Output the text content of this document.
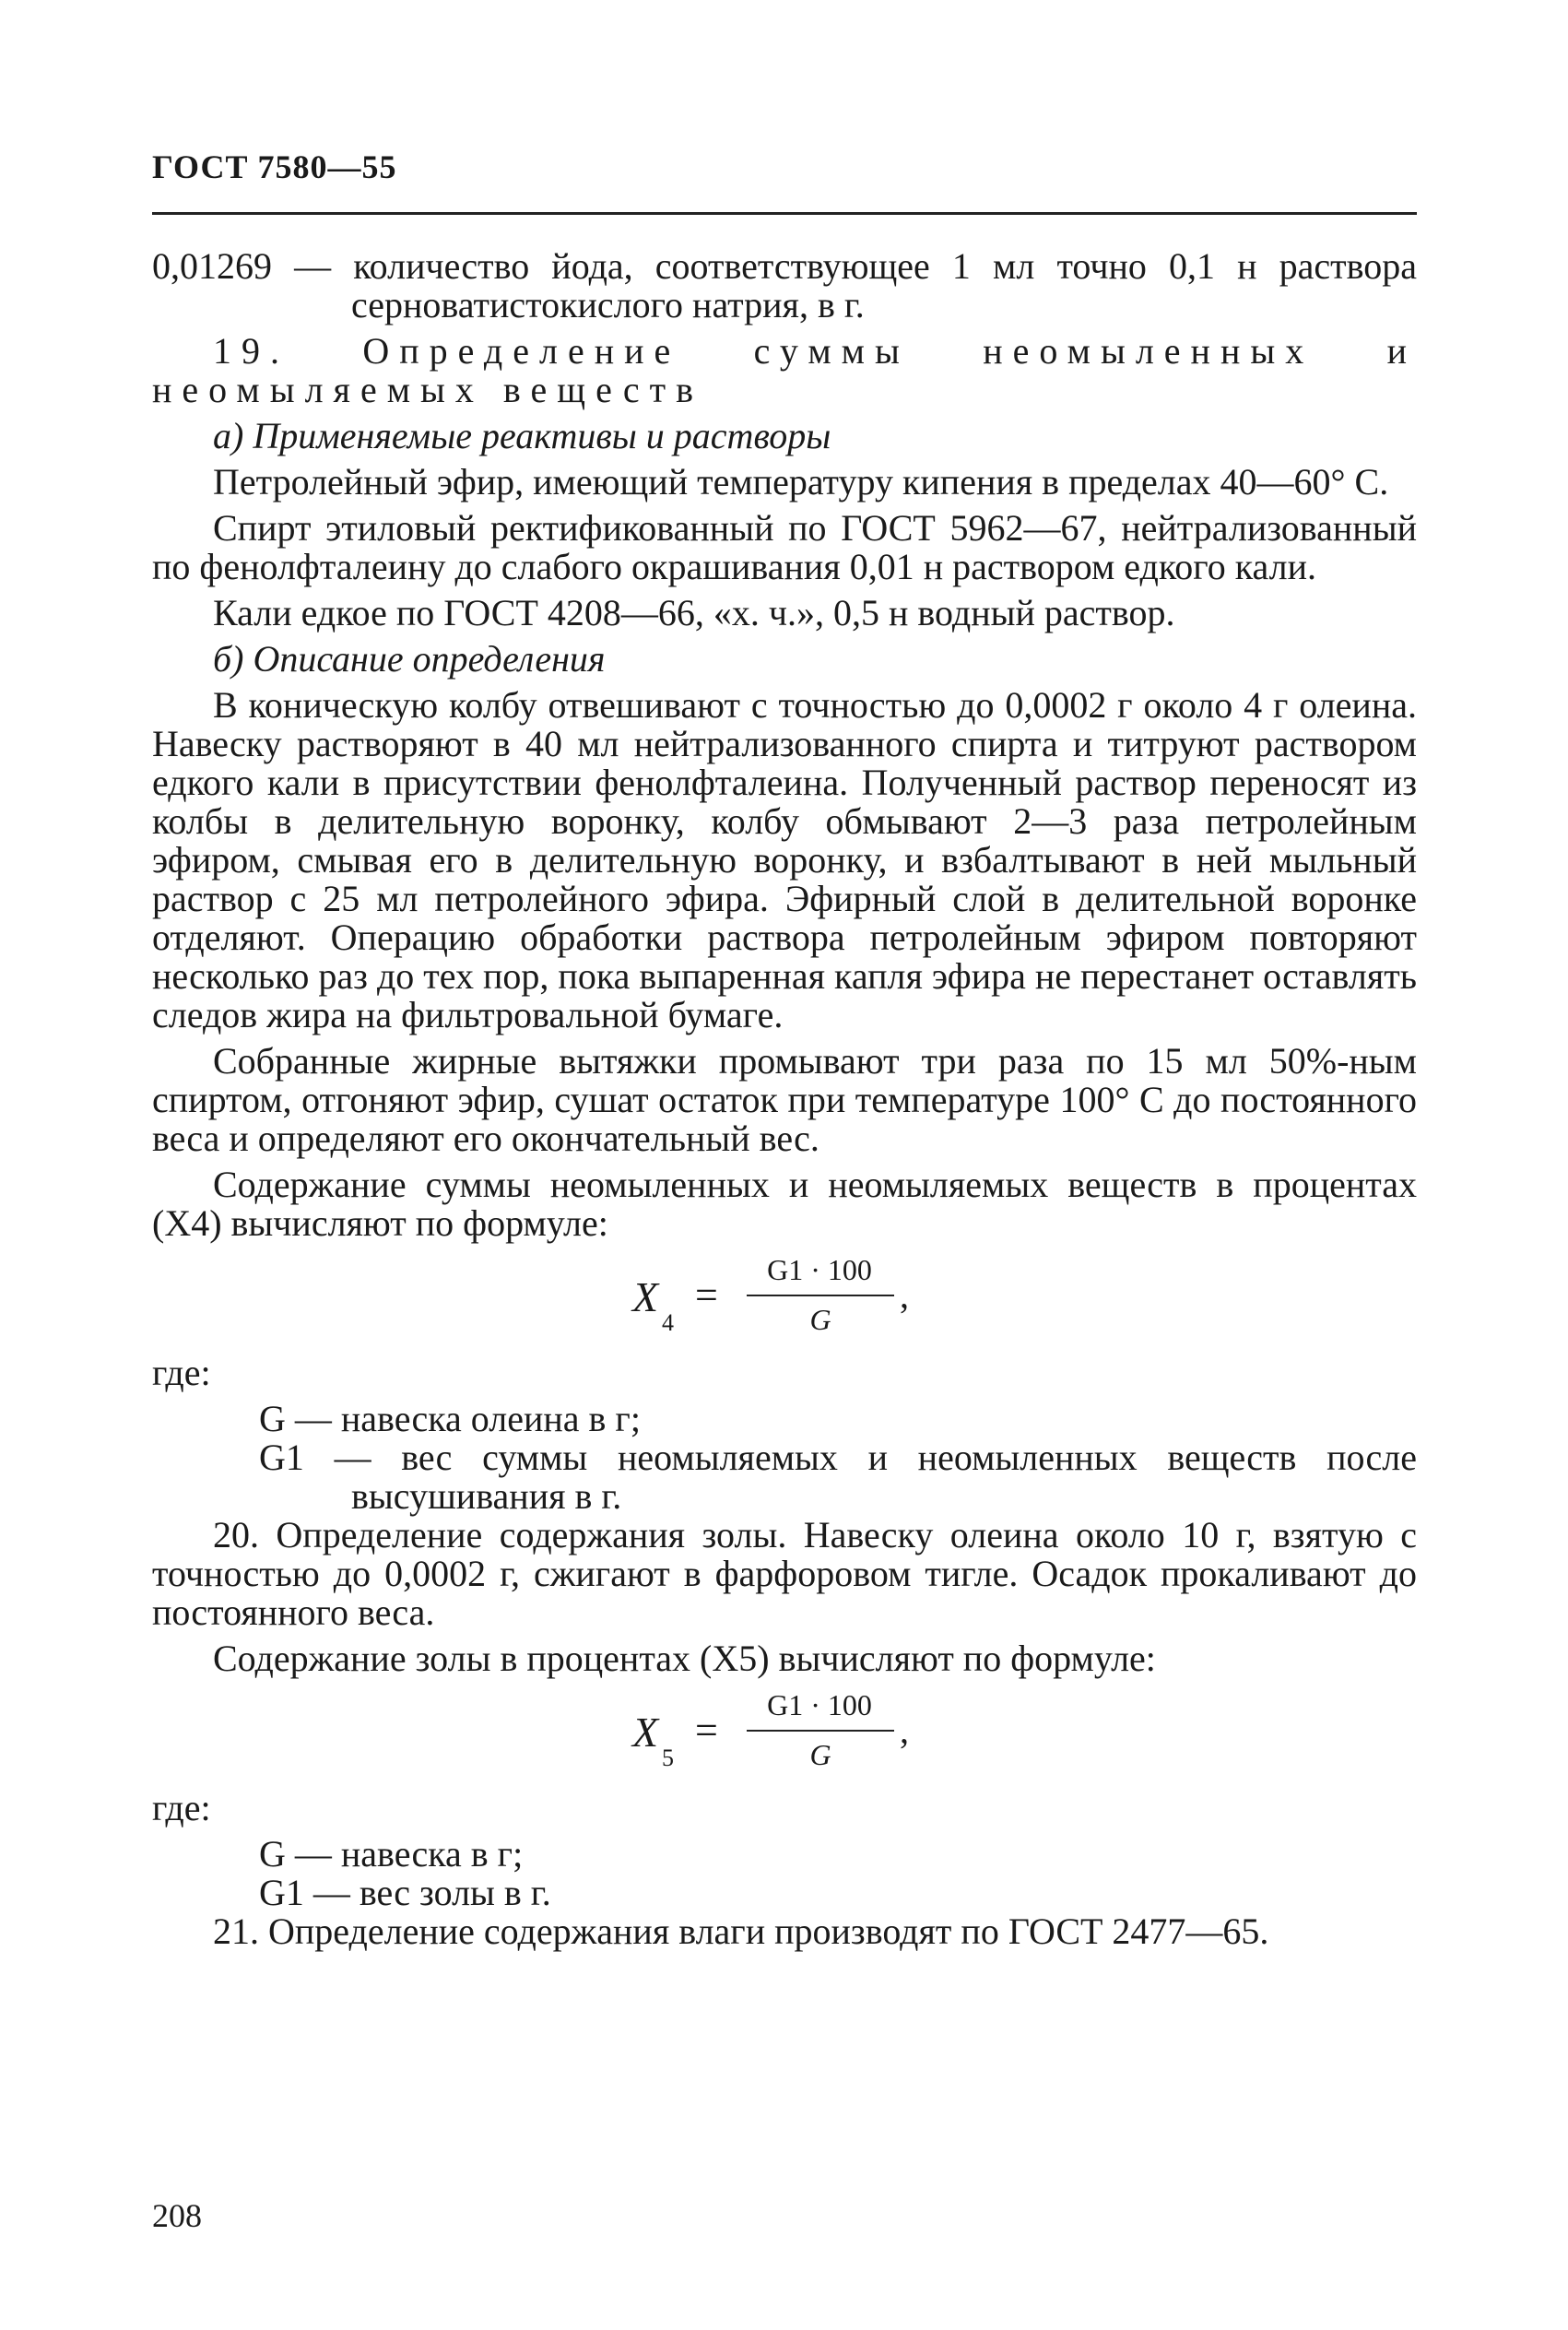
ГОСТ 7580—55

0,01269 — количество йода, соответствующее 1 мл точно 0,1 н раствора серноватистокислого натрия, в г.

19. Определение суммы неомыленных и неомыляемых веществ

а) Применяемые реактивы и растворы

Петролейный эфир, имеющий температуру кипения в пределах 40—60° С.

Спирт этиловый ректификованный по ГОСТ 5962—67, нейтрализованный по фенолфталеину до слабого окрашивания 0,01 н раствором едкого кали.

Кали едкое по ГОСТ 4208—66, «х. ч.», 0,5 н водный раствор.

б) Описание определения

В коническую колбу отвешивают с точностью до 0,0002 г около 4 г олеина. Навеску растворяют в 40 мл нейтрализованного спирта и титруют раствором едкого кали в присутствии фенолфталеина. Полученный раствор переносят из колбы в делительную воронку, колбу обмывают 2—3 раза петролейным эфиром, смывая его в делительную воронку, и взбалтывают в ней мыльный раствор с 25 мл петролейного эфира. Эфирный слой в делительной воронке отделяют. Операцию обработки раствора петролейным эфиром повторяют несколько раз до тех пор, пока выпаренная капля эфира не перестанет оставлять следов жира на фильтровальной бумаге.

Собранные жирные вытяжки промывают три раза по 15 мл 50%-ным спиртом, отгоняют эфир, сушат остаток при температуре 100° С до постоянного веса и определяют его окончательный вес.

Содержание суммы неомыленных и неомыляемых веществ в процентах (X4) вычисляют по формуле:

X
4
=
G1 · 100
G
,

где:

G — навеска олеина в г;

G1 — вес суммы неомыляемых и неомыленных веществ после высушивания в г.

20. Определение содержания золы. Навеску олеина около 10 г, взятую с точностью до 0,0002 г, сжигают в фарфоровом тигле. Осадок прокаливают до постоянного веса.

Содержание золы в процентах (X5) вычисляют по формуле:

X
5
=
G1 · 100
G
,

где:

G — навеска в г;

G1 — вес золы в г.

21. Определение содержания влаги производят по ГОСТ 2477—65.

208
